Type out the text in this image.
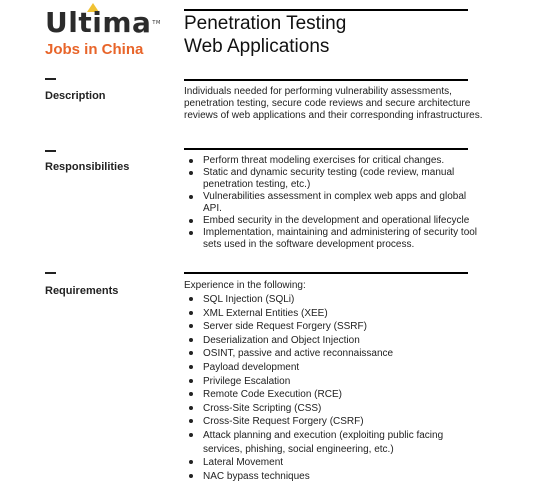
Ultima™
Jobs in China
Penetration Testing
Web Applications
Description	Individuals needed for performing vulnerability assessments, penetration testing, secure code reviews and secure architecture reviews of web applications and their corresponding infrastructures.
Responsibilities
Perform threat modeling exercises for critical changes.
Static and dynamic security testing (code review, manual penetration testing, etc.)
Vulnerabilities assessment in complex web apps and global API.
Embed security in the development and operational lifecycle
Implementation, maintaining and administering of security tool sets used in the software development process.
Requirements	Experience in the following:
SQL Injection (SQLi)
XML External Entities (XEE)
Server side Request Forgery (SSRF)
Deserialization and Object Injection
OSINT, passive and active reconnaissance
Payload development
Privilege Escalation
Remote Code Execution (RCE)
Cross-Site Scripting (CSS)
Cross-Site Request Forgery (CSRF)
Attack planning and execution (exploiting public facing services, phishing, social engineering, etc.)
Lateral Movement
NAC bypass techniques
